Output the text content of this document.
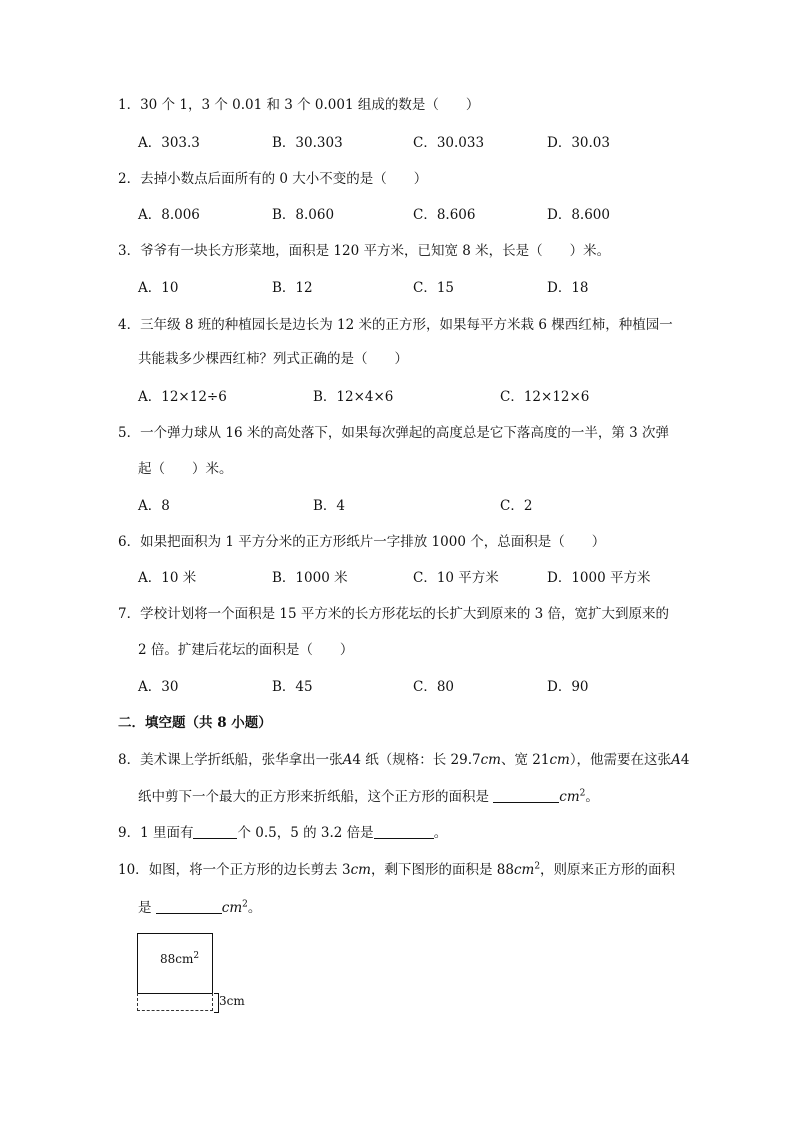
1．30 个 1，3 个 0.01 和 3 个 0.001 组成的数是（　　）
A．303.3	B．30.303	C．30.033	D．30.03
2．去掉小数点后面所有的 0 大小不变的是（　　）
A．8.006	B．8.060	C．8.606	D．8.600
3．爷爷有一块长方形菜地，面积是 120 平方米，已知宽 8 米，长是（　　）米。
A．10	B．12	C．15	D．18
4．三年级 8 班的种植园长是边长为 12 米的正方形，如果每平方米栽 6 棵西红柿，种植园一
共能栽多少棵西红柿？列式正确的是（　　）
A．12×12÷6	B．12×4×6	C．12×12×6
5．一个弹力球从 16 米的高处落下，如果每次弹起的高度总是它下落高度的一半，第 3 次弹
起（　　）米。
A．8	B．4	C．2
6．如果把面积为 1 平方分米的正方形纸片一字排放 1000 个，总面积是（　　）
A．10 米	B．1000 米	C．10 平方米	D．1000 平方米
7．学校计划将一个面积是 15 平方米的长方形花坛的长扩大到原来的 3 倍，宽扩大到原来的
2 倍。扩建后花坛的面积是（　　）
A．30	B．45	C．80	D．90
二．填空题（共 8 小题）
8．美术课上学折纸船，张华拿出一张A4 纸（规格：长 29.7cm、宽 21cm），他需要在这张A4
纸中剪下一个最大的正方形来折纸船，这个正方形的面积是	$cm^2$。
9．1 里面有	个 0.5，5 的 3.2 倍是	。
10．如图，将一个正方形的边长剪去 3cm，剩下图形的面积是 $88cm^2$，则原来正方形的面积
是	$cm^2$。
$88cm^2$
3cm
